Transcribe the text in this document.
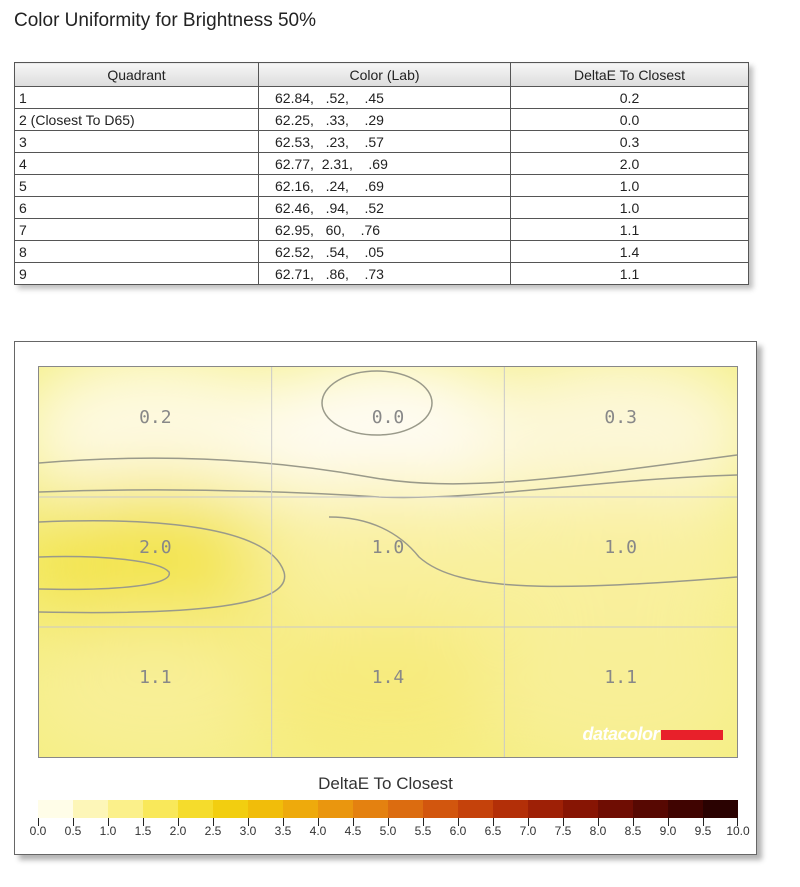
Color Uniformity for Brightness 50%
Quadrant	Color (Lab)	DeltaE To Closest
1	62.84,   .52,    .45	0.2
2 (Closest To D65)	62.25,   .33,    .29	0.0
3	62.53,   .23,    .57	0.3
4	62.77,  2.31,    .69	2.0
5	62.16,   .24,    .69	1.0
6	62.46,   .94,    .52	1.0
7	62.95,   60,    .76	1.1
8	62.52,   .54,    .05	1.4
9	62.71,   .86,    .73	1.1
0.2	0.0	0.3
2.0	1.0	1.0
1.1	1.4	1.1
datacolor
DeltaE To Closest
0.0 0.5 1.0 1.5 2.0 2.5 3.0 3.5 4.0 4.5 5.0 5.5 6.0 6.5 7.0 7.5 8.0 8.5 9.0 9.5 10.0
